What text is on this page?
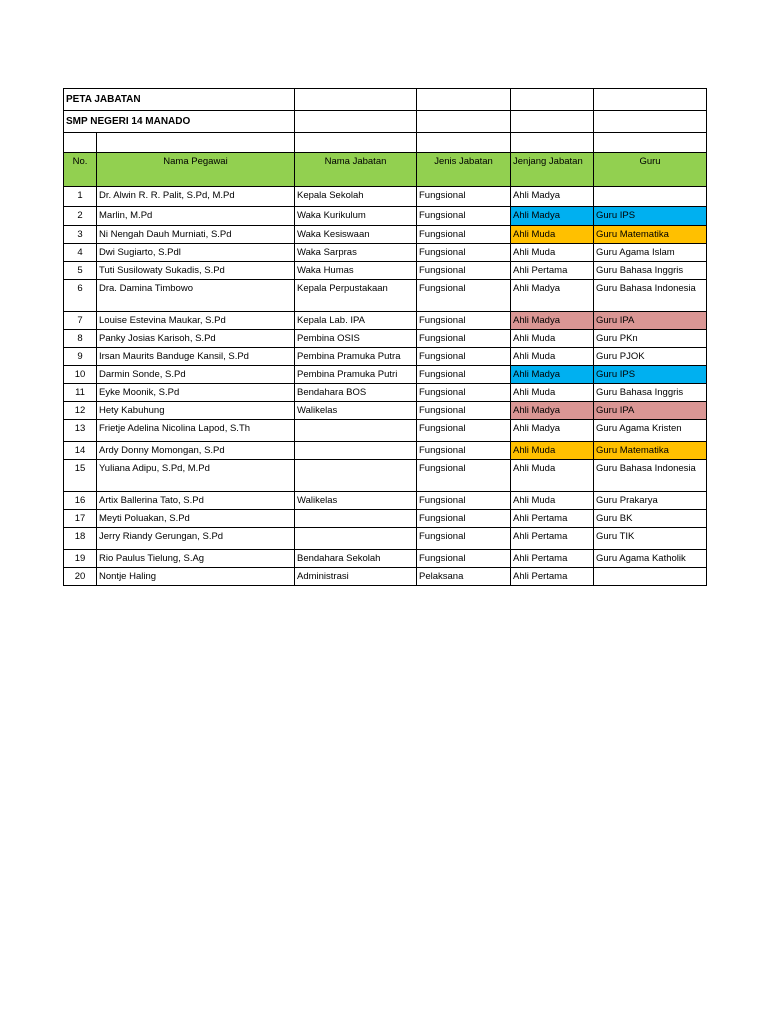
PETA JABATAN					
SMP NEGERI 14 MANADO					

No.	Nama Pegawai	Nama Jabatan	Jenis Jabatan	Jenjang Jabatan	Guru
1	Dr. Alwin R. R. Palit, S.Pd, M.Pd	Kepala Sekolah	Fungsional	Ahli Madya	
2	Marlin, M.Pd	Waka Kurikulum	Fungsional	Ahli Madya	Guru IPS
3	Ni Nengah Dauh Murniati, S.Pd	Waka Kesiswaan	Fungsional	Ahli Muda	Guru Matematika
4	Dwi Sugiarto, S.Pdl	Waka Sarpras	Fungsional	Ahli Muda	Guru Agama Islam
5	Tuti Susilowaty Sukadis, S.Pd	Waka Humas	Fungsional	Ahli Pertama	Guru Bahasa Inggris
6	Dra. Damina Timbowo	Kepala Perpustakaan	Fungsional	Ahli Madya	Guru Bahasa Indonesia
7	Louise Estevina Maukar, S.Pd	Kepala Lab. IPA	Fungsional	Ahli Madya	Guru IPA
8	Panky Josias Karisoh, S.Pd	Pembina OSIS	Fungsional	Ahli Muda	Guru PKn
9	Irsan Maurits Banduge Kansil, S.Pd	Pembina Pramuka Putra	Fungsional	Ahli Muda	Guru PJOK
10	Darmin Sonde, S.Pd	Pembina Pramuka Putri	Fungsional	Ahli Madya	Guru IPS
11	Eyke Moonik, S.Pd	Bendahara BOS	Fungsional	Ahli Muda	Guru Bahasa Inggris
12	Hety Kabuhung	Walikelas	Fungsional	Ahli Madya	Guru IPA
13	Frietje Adelina Nicolina Lapod, S.Th		Fungsional	Ahli Madya	Guru Agama Kristen
14	Ardy Donny Momongan, S.Pd		Fungsional	Ahli Muda	Guru Matematika
15	Yuliana Adipu, S.Pd, M.Pd		Fungsional	Ahli Muda	Guru Bahasa Indonesia
16	Artix Ballerina Tato, S.Pd	Walikelas	Fungsional	Ahli Muda	Guru Prakarya
17	Meyti Poluakan, S.Pd		Fungsional	Ahli Pertama	Guru BK
18	Jerry Riandy Gerungan, S.Pd		Fungsional	Ahli Pertama	Guru TIK
19	Rio Paulus Tielung, S.Ag	Bendahara Sekolah	Fungsional	Ahli Pertama	Guru Agama Katholik
20	Nontje Haling	Administrasi	Pelaksana	Ahli Pertama	
